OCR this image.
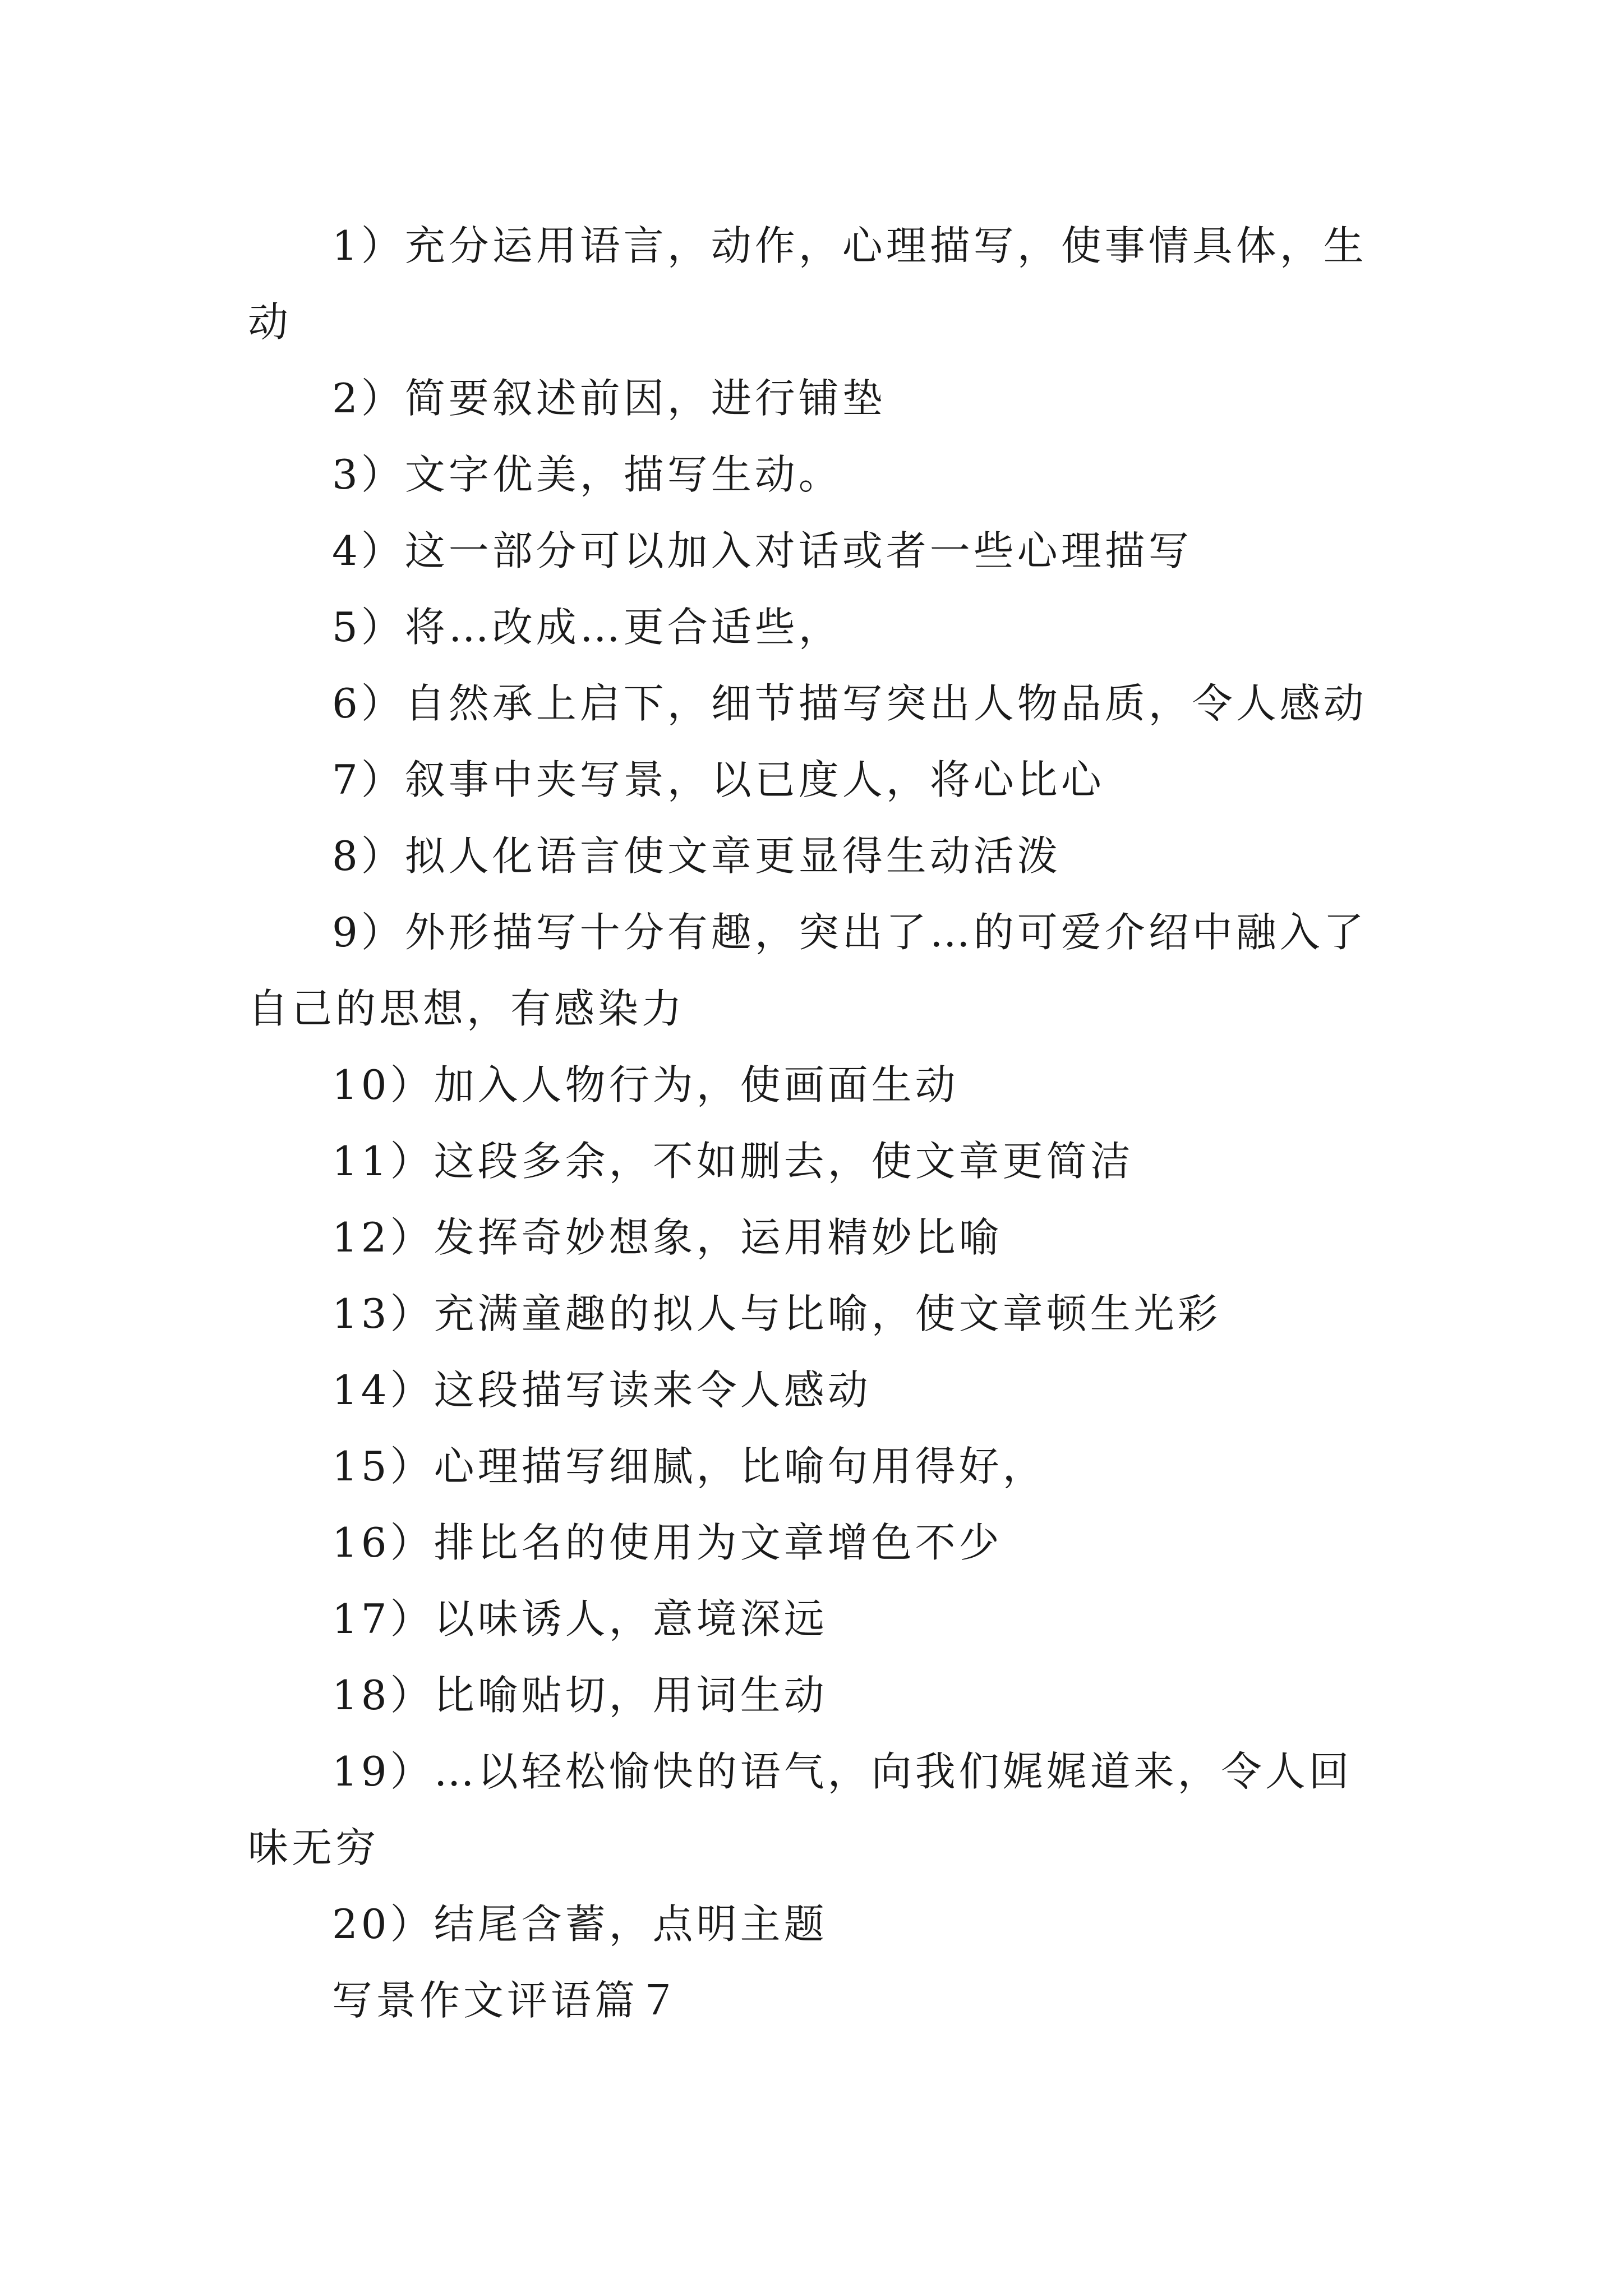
1）充分运用语言，动作，心理描写，使事情具体，生动

2）简要叙述前因，进行铺垫

3）文字优美，描写生动。

4）这一部分可以加入对话或者一些心理描写

5）将…改成…更合适些，

6）自然承上启下，细节描写突出人物品质，令人感动

7）叙事中夹写景，以已度人，将心比心

8）拟人化语言使文章更显得生动活泼

9）外形描写十分有趣，突出了…的可爱介绍中融入了自己的思想，有感染力

10）加入人物行为，使画面生动

11）这段多余，不如删去，使文章更简洁

12）发挥奇妙想象，运用精妙比喻

13）充满童趣的拟人与比喻，使文章顿生光彩

14）这段描写读来令人感动

15）心理描写细腻，比喻句用得好，

16）排比名的使用为文章增色不少

17）以味诱人，意境深远

18）比喻贴切，用词生动

19）…以轻松愉快的语气，向我们娓娓道来，令人回味无穷

20）结尾含蓄，点明主题

写景作文评语篇７
